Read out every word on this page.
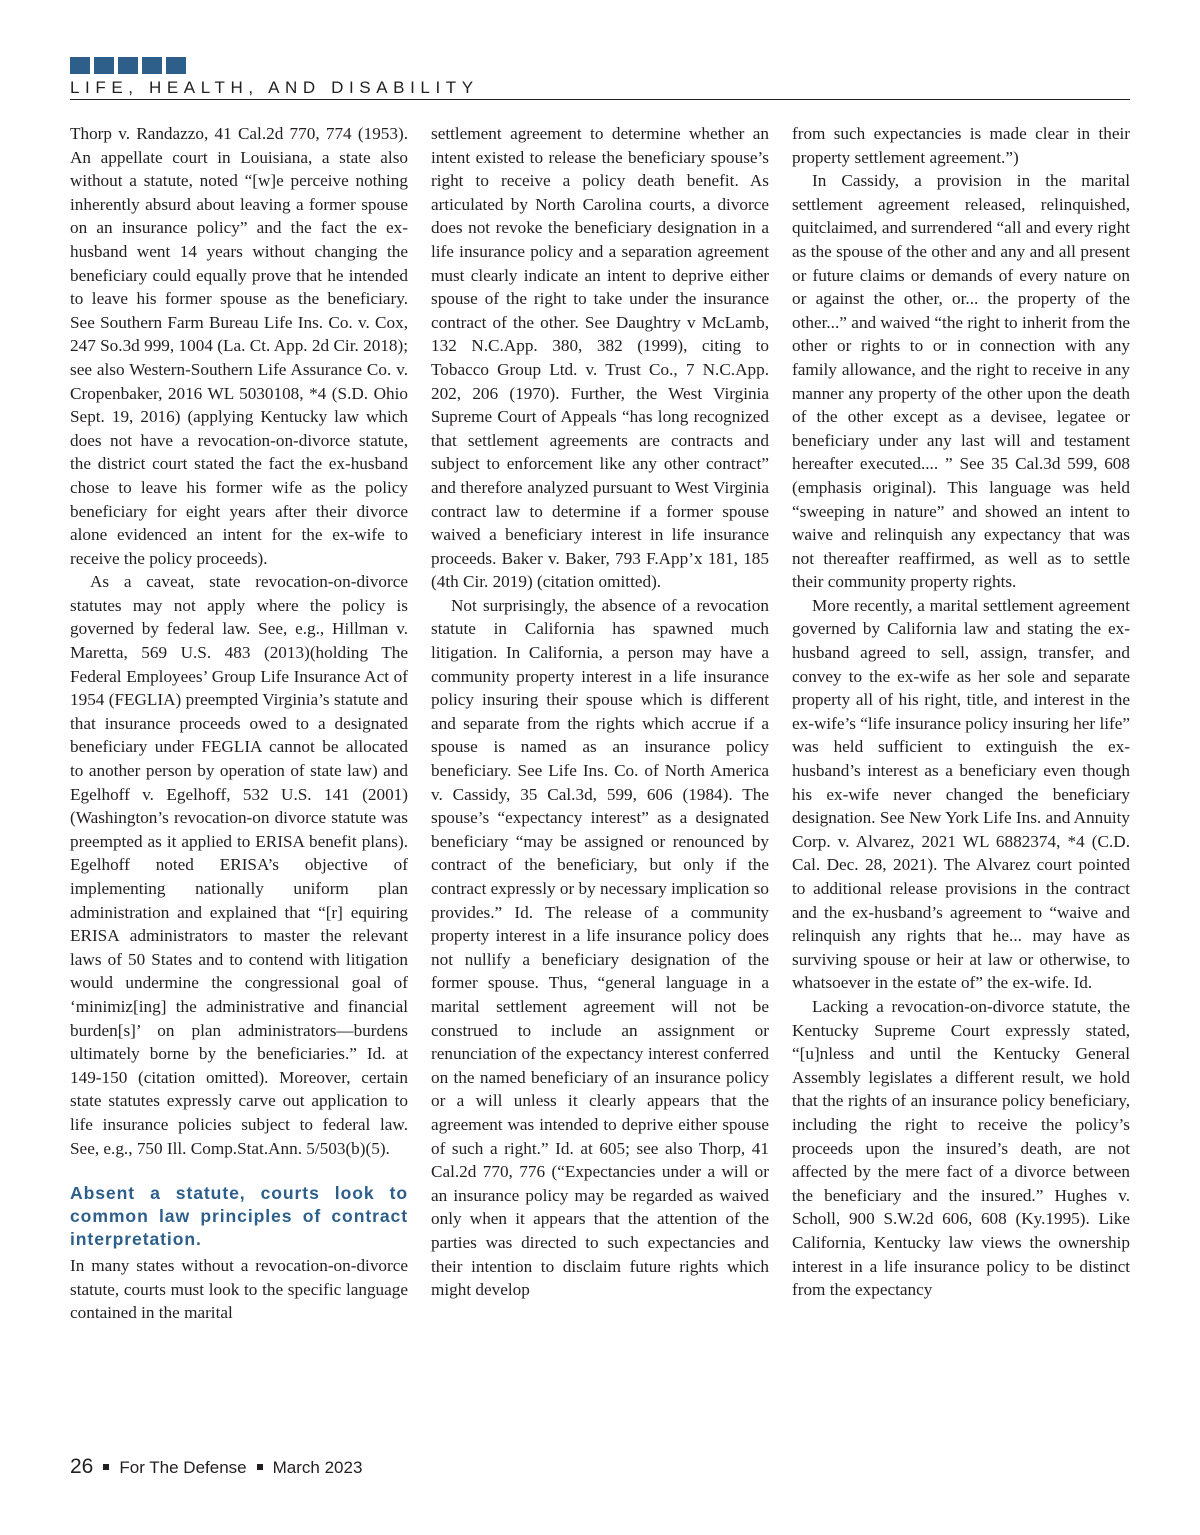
LIFE, HEALTH, AND DISABILITY

Thorp v. Randazzo, 41 Cal.2d 770, 774 (1953). An appellate court in Louisiana, a state also without a statute, noted “[w]e perceive nothing inherently absurd about leaving a former spouse on an insurance policy” and the fact the ex-husband went 14 years without changing the beneficiary could equally prove that he intended to leave his former spouse as the beneficiary. See Southern Farm Bureau Life Ins. Co. v. Cox, 247 So.3d 999, 1004 (La. Ct. App. 2d Cir. 2018); see also Western-Southern Life Assurance Co. v. Cropenbaker, 2016 WL 5030108, *4 (S.D. Ohio Sept. 19, 2016) (applying Kentucky law which does not have a revocation-on-divorce statute, the district court stated the fact the ex-husband chose to leave his former wife as the policy beneficiary for eight years after their divorce alone evidenced an intent for the ex-wife to receive the policy proceeds).

As a caveat, state revocation-on-divorce statutes may not apply where the policy is governed by federal law. See, e.g., Hillman v. Maretta, 569 U.S. 483 (2013)(holding The Federal Employees’ Group Life Insurance Act of 1954 (FEGLIA) preempted Virginia’s statute and that insurance proceeds owed to a designated beneficiary under FEGLIA cannot be allocated to another person by operation of state law) and Egelhoff v. Egelhoff, 532 U.S. 141 (2001)(Washington’s revocation-on divorce statute was preempted as it applied to ERISA benefit plans). Egelhoff noted ERISA’s objective of implementing nationally uniform plan administration and explained that “[r] equiring ERISA administrators to master the relevant laws of 50 States and to contend with litigation would undermine the congressional goal of ‘minimiz[ing] the administrative and financial burden[s]’ on plan administrators—burdens ultimately borne by the beneficiaries.” Id. at 149-150 (citation omitted). Moreover, certain state statutes expressly carve out application to life insurance policies subject to federal law. See, e.g., 750 Ill. Comp.Stat.Ann. 5/503(b)(5).

Absent a statute, courts look to common law principles of contract interpretation.

In many states without a revocation-on-divorce statute, courts must look to the specific language contained in the marital

settlement agreement to determine whether an intent existed to release the beneficiary spouse’s right to receive a policy death benefit. As articulated by North Carolina courts, a divorce does not revoke the beneficiary designation in a life insurance policy and a separation agreement must clearly indicate an intent to deprive either spouse of the right to take under the insurance contract of the other. See Daughtry v McLamb, 132 N.C.App. 380, 382 (1999), citing to Tobacco Group Ltd. v. Trust Co., 7 N.C.App. 202, 206 (1970). Further, the West Virginia Supreme Court of Appeals “has long recognized that settlement agreements are contracts and subject to enforcement like any other contract” and therefore analyzed pursuant to West Virginia contract law to determine if a former spouse waived a beneficiary interest in life insurance proceeds. Baker v. Baker, 793 F.App’x 181, 185 (4th Cir. 2019) (citation omitted).

Not surprisingly, the absence of a revocation statute in California has spawned much litigation. In California, a person may have a community property interest in a life insurance policy insuring their spouse which is different and separate from the rights which accrue if a spouse is named as an insurance policy beneficiary. See Life Ins. Co. of North America v. Cassidy, 35 Cal.3d, 599, 606 (1984). The spouse’s “expectancy interest” as a designated beneficiary “may be assigned or renounced by contract of the beneficiary, but only if the contract expressly or by necessary implication so provides.” Id. The release of a community property interest in a life insurance policy does not nullify a beneficiary designation of the former spouse. Thus, “general language in a marital settlement agreement will not be construed to include an assignment or renunciation of the expectancy interest conferred on the named beneficiary of an insurance policy or a will unless it clearly appears that the agreement was intended to deprive either spouse of such a right.” Id. at 605; see also Thorp, 41 Cal.2d 770, 776 (“Expectancies under a will or an insurance policy may be regarded as waived only when it appears that the attention of the parties was directed to such expectancies and their intention to disclaim future rights which might develop

from such expectancies is made clear in their property settlement agreement.”)

In Cassidy, a provision in the marital settlement agreement released, relinquished, quitclaimed, and surrendered “all and every right as the spouse of the other and any and all present or future claims or demands of every nature on or against the other, or... the property of the other...” and waived “the right to inherit from the other or rights to or in connection with any family allowance, and the right to receive in any manner any property of the other upon the death of the other except as a devisee, legatee or beneficiary under any last will and testament hereafter executed.... ” See 35 Cal.3d 599, 608 (emphasis original). This language was held “sweeping in nature” and showed an intent to waive and relinquish any expectancy that was not thereafter reaffirmed, as well as to settle their community property rights.

More recently, a marital settlement agreement governed by California law and stating the ex-husband agreed to sell, assign, transfer, and convey to the ex-wife as her sole and separate property all of his right, title, and interest in the ex-wife’s “life insurance policy insuring her life” was held sufficient to extinguish the ex-husband’s interest as a beneficiary even though his ex-wife never changed the beneficiary designation. See New York Life Ins. and Annuity Corp. v. Alvarez, 2021 WL 6882374, *4 (C.D. Cal. Dec. 28, 2021). The Alvarez court pointed to additional release provisions in the contract and the ex-husband’s agreement to “waive and relinquish any rights that he... may have as surviving spouse or heir at law or otherwise, to whatsoever in the estate of” the ex-wife. Id.

Lacking a revocation-on-divorce statute, the Kentucky Supreme Court expressly stated, “[u]nless and until the Kentucky General Assembly legislates a different result, we hold that the rights of an insurance policy beneficiary, including the right to receive the policy’s proceeds upon the insured’s death, are not affected by the mere fact of a divorce between the beneficiary and the insured.” Hughes v. Scholl, 900 S.W.2d 606, 608 (Ky.1995). Like California, Kentucky law views the ownership interest in a life insurance policy to be distinct from the expectancy

26 For The Defense March 2023
